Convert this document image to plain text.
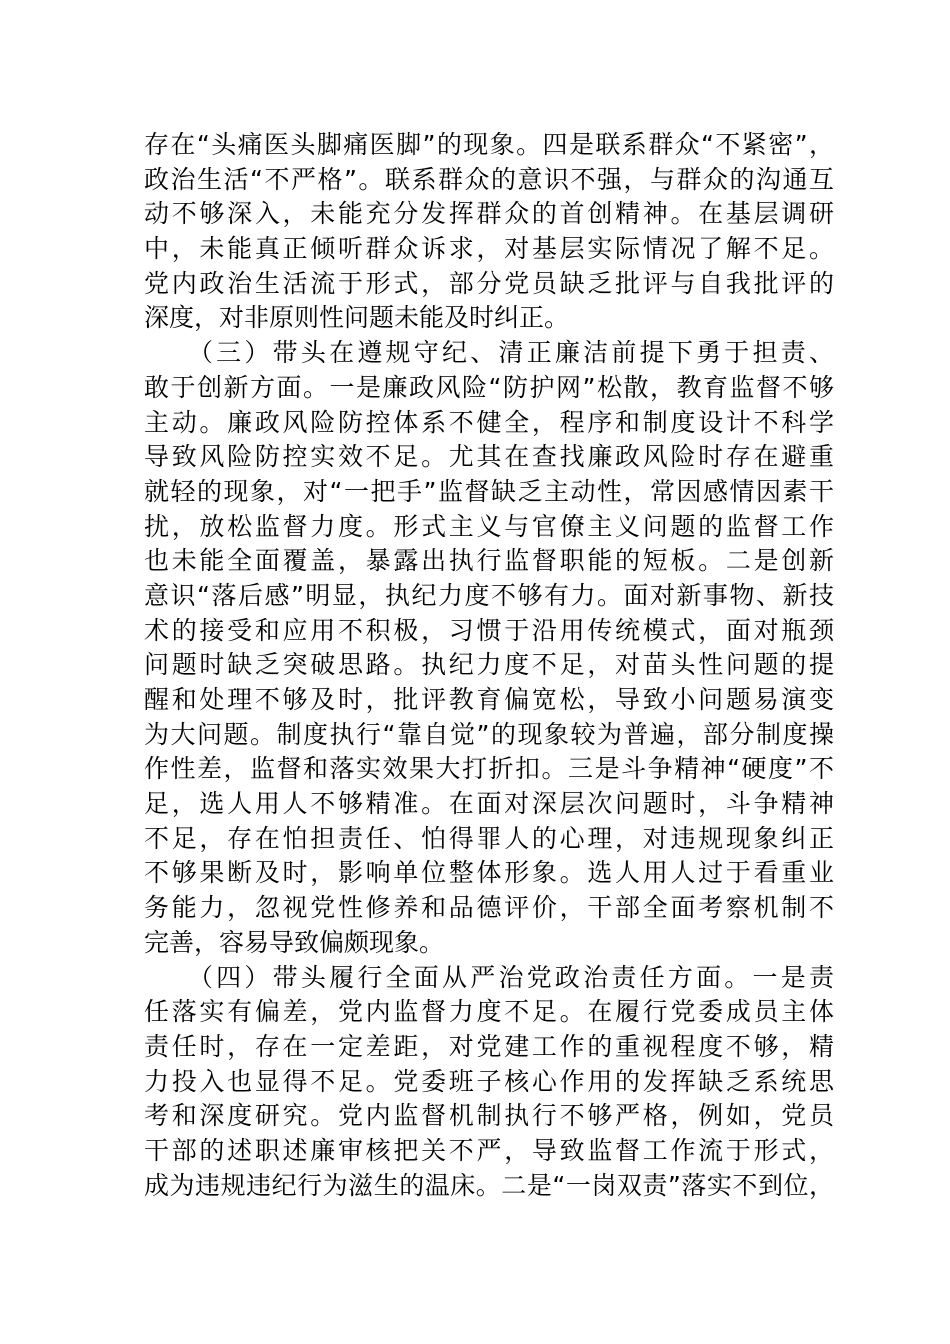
存在“头痛医头脚痛医脚”的现象。四是联系群众“不紧密”，
政治生活“不严格”。联系群众的意识不强，与群众的沟通互
动不够深入，未能充分发挥群众的首创精神。在基层调研
中，未能真正倾听群众诉求，对基层实际情况了解不足。
党内政治生活流于形式，部分党员缺乏批评与自我批评的
深度，对非原则性问题未能及时纠正。
　　（三）带头在遵规守纪、清正廉洁前提下勇于担责、
敢于创新方面。一是廉政风险“防护网”松散，教育监督不够
主动。廉政风险防控体系不健全，程序和制度设计不科学
导致风险防控实效不足。尤其在查找廉政风险时存在避重
就轻的现象，对“一把手”监督缺乏主动性，常因感情因素干
扰，放松监督力度。形式主义与官僚主义问题的监督工作
也未能全面覆盖，暴露出执行监督职能的短板。二是创新
意识“落后感”明显，执纪力度不够有力。面对新事物、新技
术的接受和应用不积极，习惯于沿用传统模式，面对瓶颈
问题时缺乏突破思路。执纪力度不足，对苗头性问题的提
醒和处理不够及时，批评教育偏宽松，导致小问题易演变
为大问题。制度执行“靠自觉”的现象较为普遍，部分制度操
作性差，监督和落实效果大打折扣。三是斗争精神“硬度”不
足，选人用人不够精准。在面对深层次问题时，斗争精神
不足，存在怕担责任、怕得罪人的心理，对违规现象纠正
不够果断及时，影响单位整体形象。选人用人过于看重业
务能力，忽视党性修养和品德评价，干部全面考察机制不
完善，容易导致偏颇现象。
　　（四）带头履行全面从严治党政治责任方面。一是责
任落实有偏差，党内监督力度不足。在履行党委成员主体
责任时，存在一定差距，对党建工作的重视程度不够，精
力投入也显得不足。党委班子核心作用的发挥缺乏系统思
考和深度研究。党内监督机制执行不够严格，例如，党员
干部的述职述廉审核把关不严，导致监督工作流于形式，
成为违规违纪行为滋生的温床。二是“一岗双责”落实不到位，
